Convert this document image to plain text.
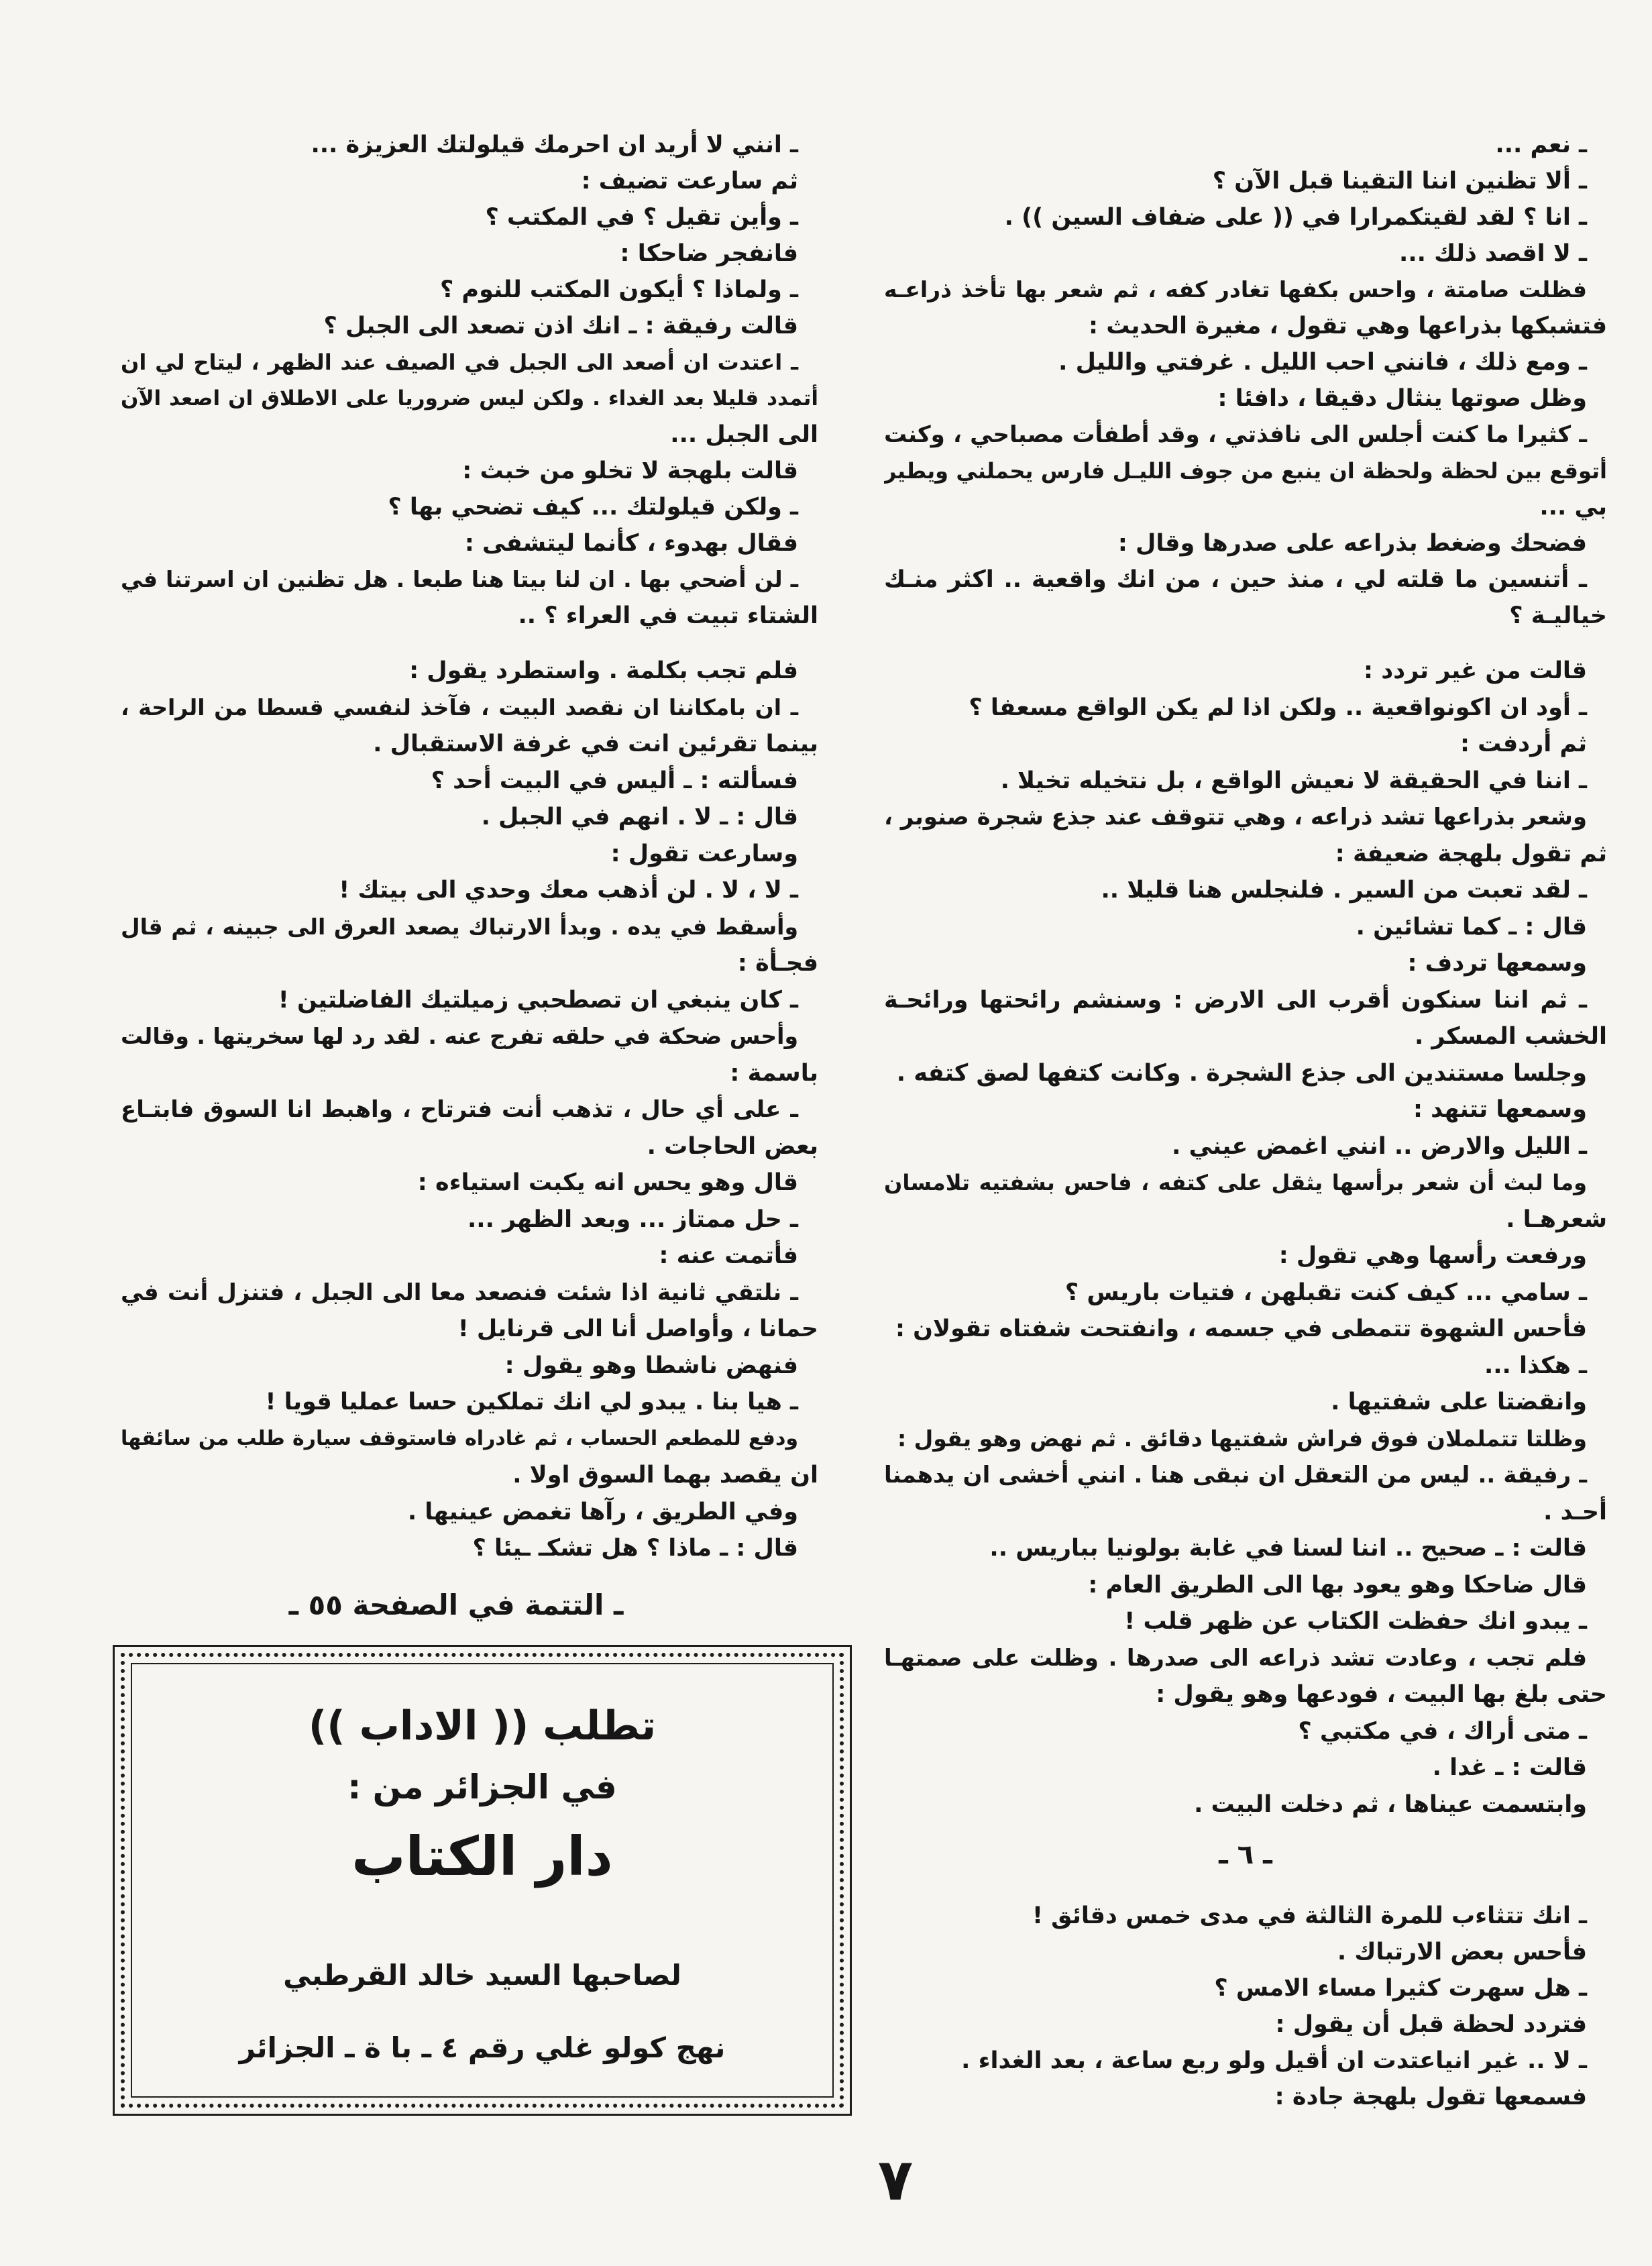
ـ نعم ...
ـ ألا تظنين اننا التقينا قبل الآن ؟
ـ انا ؟ لقد لقيتكمرارا في (( على ضفاف السين )) .
ـ لا اقصد ذلك ...
فظلت صامتة ، واحس بكفها تغادر كفه ، ثم شعر بها تأخذ ذراعـه
فتشبكها بذراعها وهي تقول ، مغيرة الحديث :
ـ ومع ذلك ، فانني احب الليل . غرفتي والليل .
وظل صوتها ينثال دقيقا ، دافئا :
ـ كثيرا ما كنت أجلس الى نافذتي ، وقد أطفأت مصباحي ، وكنت
أتوقع بين لحظة ولحظة ان ينبع من جوف الليـل فارس يحملني ويطير
بي ...
فضحك وضغط بذراعه على صدرها وقال :
ـ أتنسين ما قلته لي ، منذ حين ، من انك واقعية .. اكثر منـك
خياليـة ؟
قالت من غير تردد :
ـ أود ان اكونواقعية .. ولكن اذا لم يكن الواقع مسعفا ؟
ثم أردفت :
ـ اننا في الحقيقة لا نعيش الواقع ، بل نتخيله تخيلا .
وشعر بذراعها تشد ذراعه ، وهي تتوقف عند جذع شجرة صنوبر ،
ثم تقول بلهجة ضعيفة :
ـ لقد تعبت من السير . فلنجلس هنا قليلا ..
قال : ـ كما تشائين .
وسمعها تردف :
ـ ثم اننا سنكون أقرب الى الارض : وسنشم رائحتها ورائحـة
الخشب المسكر .
وجلسا مستندين الى جذع الشجرة . وكانت كتفها لصق كتفه .
وسمعها تتنهد :
ـ الليل والارض .. انني اغمض عيني .
وما لبث أن شعر برأسها يثقل على كتفه ، فاحس بشفتيه تلامسان
شعرهـا .
ورفعت رأسها وهي تقول :
ـ سامي ... كيف كنت تقبلهن ، فتيات باريس ؟
فأحس الشهوة تتمطى في جسمه ، وانفتحت شفتاه تقولان :
ـ هكذا ...
وانقضتا على شفتيها .
وظلتا تتململان فوق فراش شفتيها دقائق . ثم نهض وهو يقول :
ـ رفيقة .. ليس من التعقل ان نبقى هنا . انني أخشى ان يدهمنا
أحـد .
قالت : ـ صحيح .. اننا لسنا في غابة بولونيا بباريس ..
قال ضاحكا وهو يعود بها الى الطريق العام :
ـ يبدو انك حفظت الكتاب عن ظهر قلب !
فلم تجب ، وعادت تشد ذراعه الى صدرها . وظلت على صمتهـا
حتى بلغ بها البيت ، فودعها وهو يقول :
ـ متى أراك ، في مكتبي ؟
قالت : ـ غدا .
وابتسمت عيناها ، ثم دخلت البيت .
ـ ٦ ـ
ـ انك تتثاءب للمرة الثالثة في مدى خمس دقائق !
فأحس بعض الارتباك .
ـ هل سهرت كثيرا مساء الامس ؟
فتردد لحظة قبل أن يقول :
ـ لا .. غير انياعتدت ان أقيل ولو ربع ساعة ، بعد الغداء .
فسمعها تقول بلهجة جادة :
ـ انني لا أريد ان احرمك قيلولتك العزيزة ...
ثم سارعت تضيف :
ـ وأين تقيل ؟ في المكتب ؟
فانفجر ضاحكا :
ـ ولماذا ؟ أيكون المكتب للنوم ؟
قالت رفيقة : ـ انك اذن تصعد الى الجبل ؟
ـ اعتدت ان أصعد الى الجبل في الصيف عند الظهر ، ليتاح لي ان
أتمدد قليلا بعد الغداء . ولكن ليس ضروريا على الاطلاق ان اصعد الآن
الى الجبل ...
قالت بلهجة لا تخلو من خبث :
ـ ولكن قيلولتك ... كيف تضحي بها ؟
فقال بهدوء ، كأنما ليتشفى :
ـ لن أضحي بها . ان لنا بيتا هنا طبعا . هل تظنين ان اسرتنا في
الشتاء تبيت في العراء ؟ ..
فلم تجب بكلمة . واستطرد يقول :
ـ ان بامكاننا ان نقصد البيت ، فآخذ لنفسي قسطا من الراحة ،
بينما تقرئين انت في غرفة الاستقبال .
فسألته : ـ أليس في البيت أحد ؟
قال : ـ لا . انهم في الجبل .
وسارعت تقول :
ـ لا ، لا . لن أذهب معك وحدي الى بيتك !
وأسقط في يده . وبدأ الارتباك يصعد العرق الى جبينه ، ثم قال
فجـأة :
ـ كان ينبغي ان تصطحبي زميلتيك الفاضلتين !
وأحس ضحكة في حلقه تفرج عنه . لقد رد لها سخريتها . وقالت
باسمة :
ـ على أي حال ، تذهب أنت فترتاح ، واهبط انا السوق فابتـاع
بعض الحاجات .
قال وهو يحس انه يكبت استياءه :
ـ حل ممتاز ... وبعد الظهر ...
فأتمت عنه :
ـ نلتقي ثانية اذا شئت فنصعد معا الى الجبل ، فتنزل أنت في
حمانا ، وأواصل أنا الى قرنايل !
فنهض ناشطا وهو يقول :
ـ هيا بنا . يبدو لي انك تملكين حسا عمليا قويا !
ودفع للمطعم الحساب ، ثم غادراه فاستوقف سيارة طلب من سائقها
ان يقصد بهما السوق اولا .
وفي الطريق ، رآها تغمض عينيها .
قال : ـ ماذا ؟ هل تشكـ ـيئا ؟
ـ التتمة في الصفحة ٥٥ ـ
تطلب (( الاداب ))
في الجزائر من :
دار الكتاب
لصاحبها السيد خالد القرطبي
نهج كولو غلي رقم ٤ ـ با ة ـ الجزائر
٧
